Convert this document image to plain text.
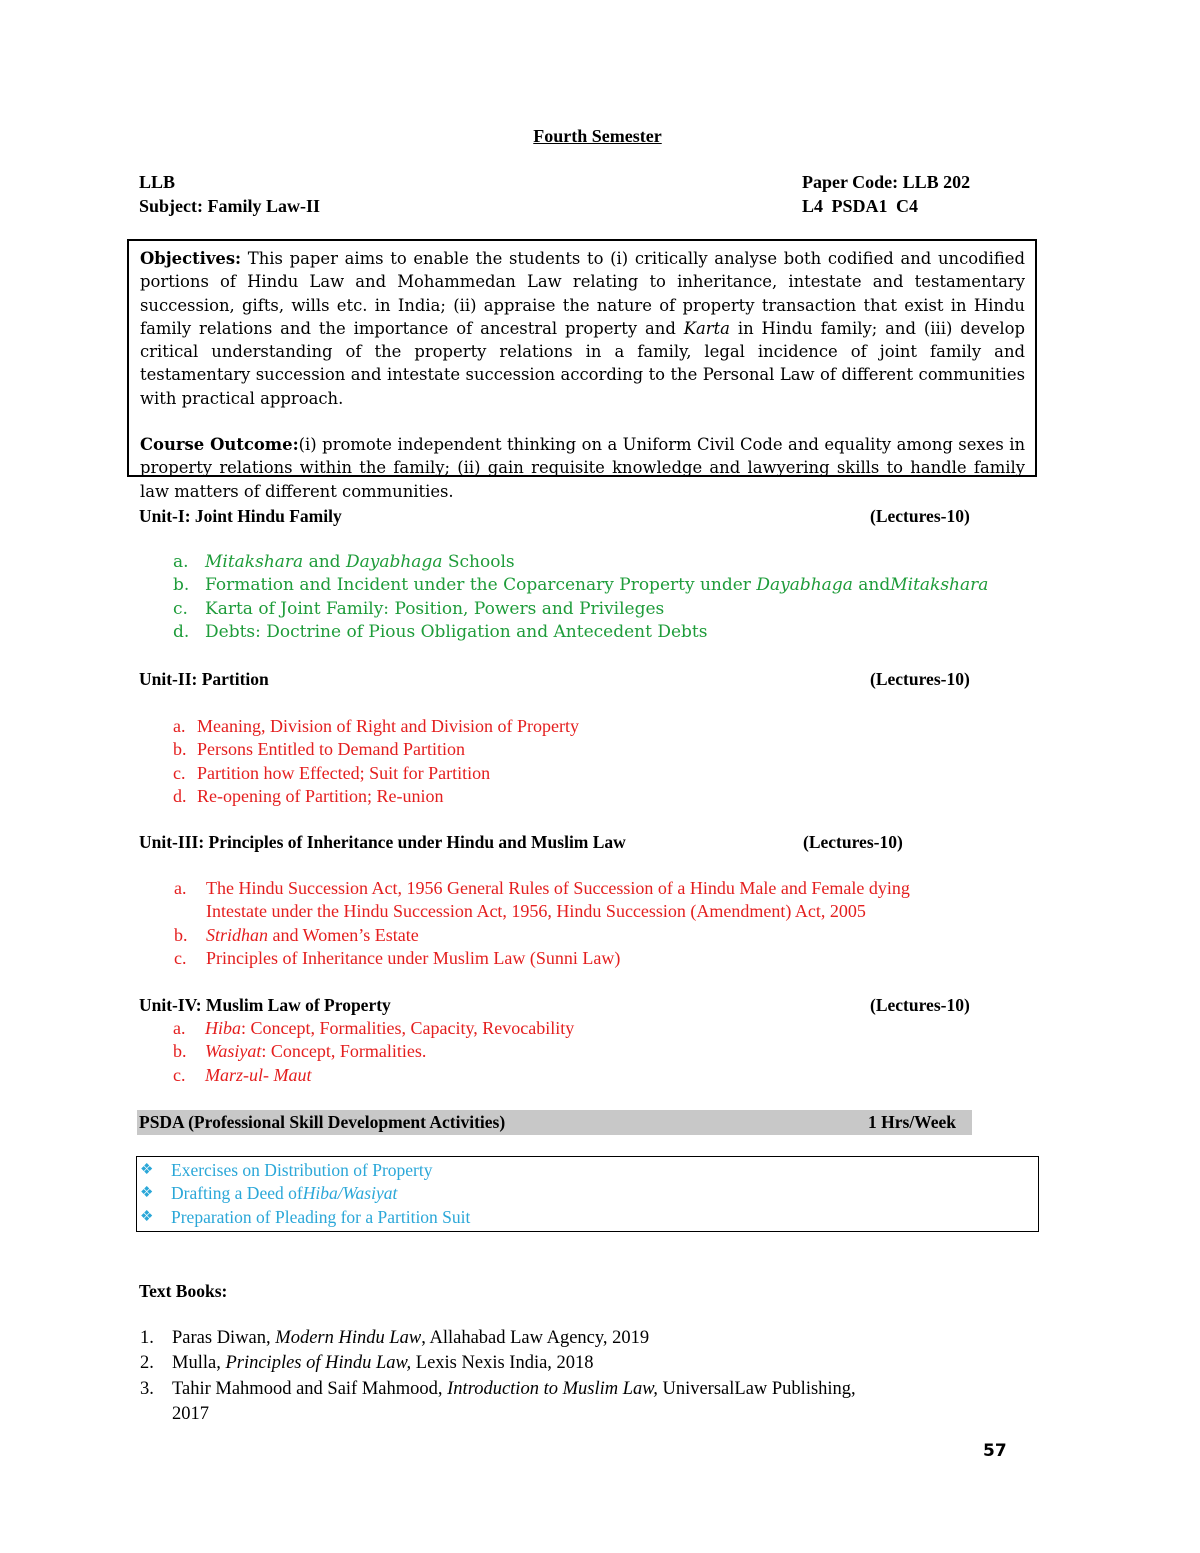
Fourth Semester
LLB	Paper Code: LLB 202
Subject: Family Law-II	L4 PSDA1 C4

Objectives: This paper aims to enable the students to (i) critically analyse both codified and uncodified portions of Hindu Law and Mohammedan Law relating to inheritance, intestate and testamentary succession, gifts, wills etc. in India; (ii) appraise the nature of property transaction that exist in Hindu family relations and the importance of ancestral property and Karta in Hindu family; and (iii) develop critical understanding of the property relations in a family, legal incidence of joint family and testamentary succession and intestate succession according to the Personal Law of different communities with practical approach.

Course Outcome:(i) promote independent thinking on a Uniform Civil Code and equality among sexes in property relations within the family; (ii) gain requisite knowledge and lawyering skills to handle family law matters of different communities.

Unit-I: Joint Hindu Family	(Lectures-10)
a. Mitakshara and Dayabhaga Schools
b. Formation and Incident under the Coparcenary Property under Dayabhaga andMitakshara
c. Karta of Joint Family: Position, Powers and Privileges
d. Debts: Doctrine of Pious Obligation and Antecedent Debts
Unit-II: Partition	(Lectures-10)
a. Meaning, Division of Right and Division of Property
b. Persons Entitled to Demand Partition
c. Partition how Effected; Suit for Partition
d. Re-opening of Partition; Re-union
Unit-III: Principles of Inheritance under Hindu and Muslim Law	(Lectures-10)
a. The Hindu Succession Act, 1956 General Rules of Succession of a Hindu Male and Female dying
Intestate under the Hindu Succession Act, 1956, Hindu Succession (Amendment) Act, 2005
b. Stridhan and Women’s Estate
c. Principles of Inheritance under Muslim Law (Sunni Law)
Unit-IV: Muslim Law of Property	(Lectures-10)
a. Hiba: Concept, Formalities, Capacity, Revocability
b. Wasiyat: Concept, Formalities.
c. Marz-ul- Maut
PSDA (Professional Skill Development Activities)	1 Hrs/Week
❖ Exercises on Distribution of Property
❖ Drafting a Deed ofHiba/Wasiyat
❖ Preparation of Pleading for a Partition Suit
Text Books:
1. Paras Diwan, Modern Hindu Law, Allahabad Law Agency, 2019
2. Mulla, Principles of Hindu Law, Lexis Nexis India, 2018
3. Tahir Mahmood and Saif Mahmood, Introduction to Muslim Law, UniversalLaw Publishing,
2017
57
